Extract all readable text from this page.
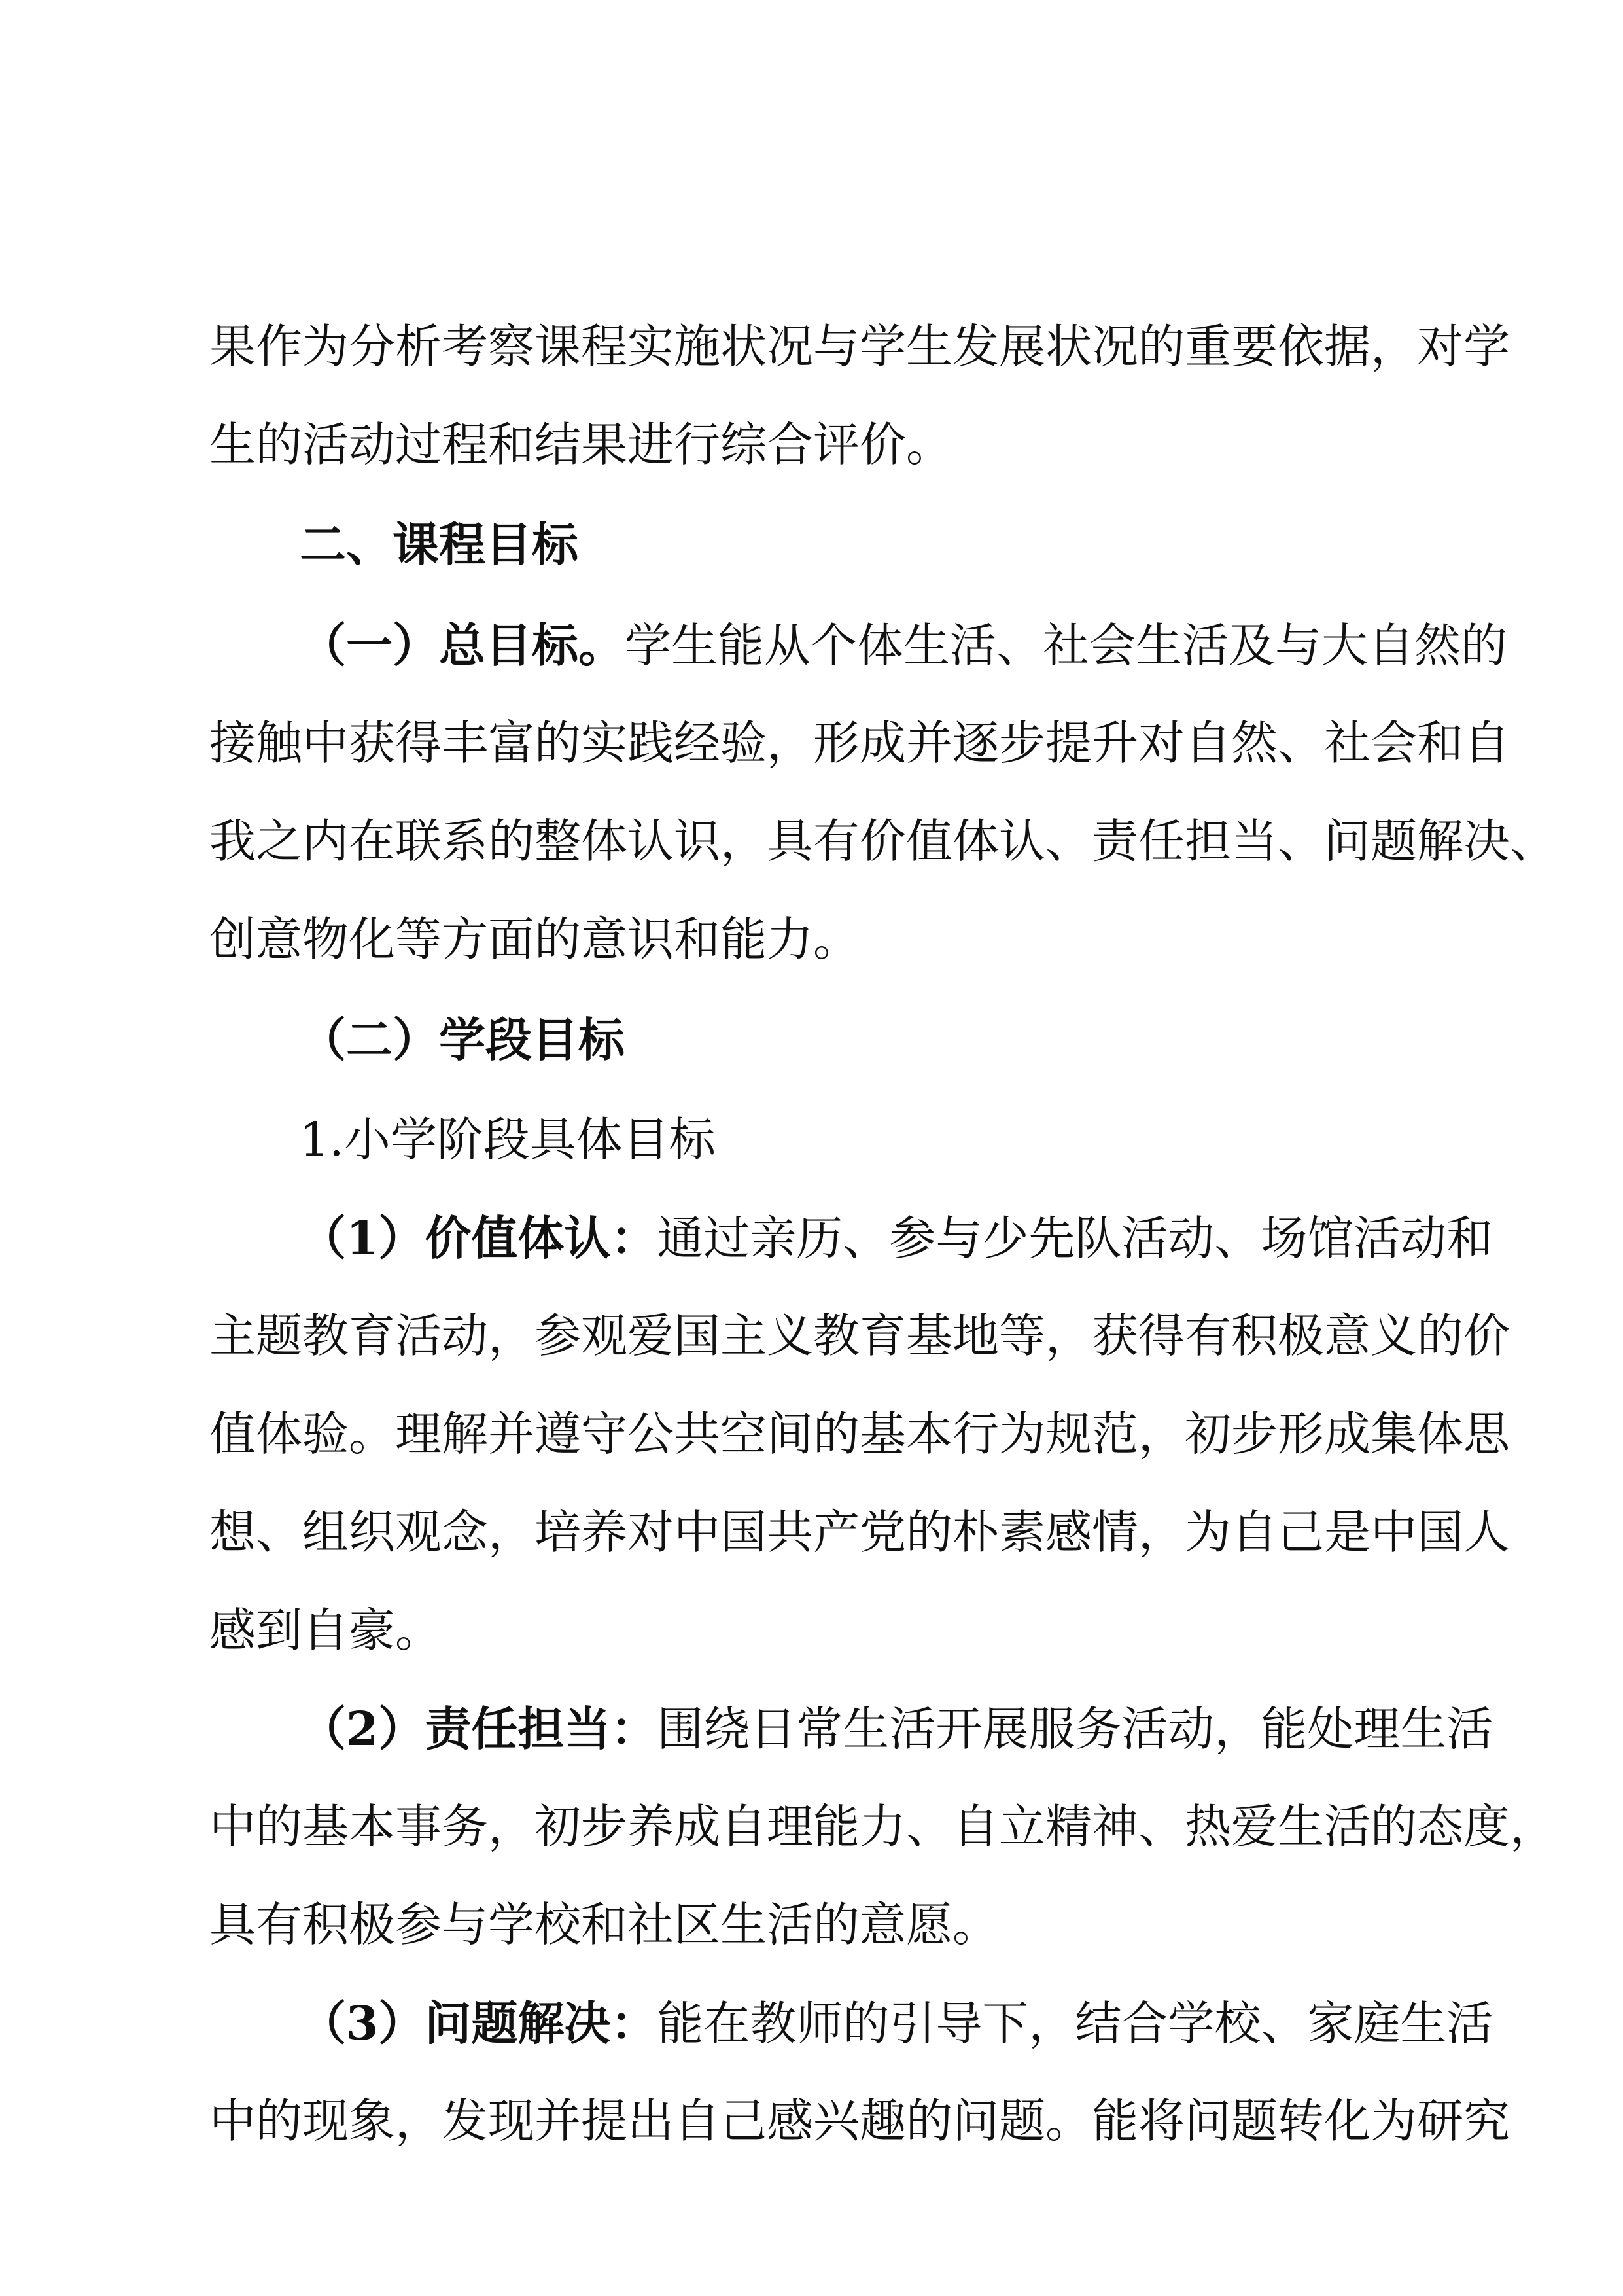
果作为分析考察课程实施状况与学生发展状况的重要依据，对学
生的活动过程和结果进行综合评价。
二、课程目标
（一）总目标。学生能从个体生活、社会生活及与大自然的
接触中获得丰富的实践经验，形成并逐步提升对自然、社会和自
我之内在联系的整体认识，具有价值体认、责任担当、问题解决、
创意物化等方面的意识和能力。
（二）学段目标
1.小学阶段具体目标
（1）价值体认：通过亲历、参与少先队活动、场馆活动和
主题教育活动，参观爱国主义教育基地等，获得有积极意义的价
值体验。理解并遵守公共空间的基本行为规范，初步形成集体思
想、组织观念，培养对中国共产党的朴素感情，为自己是中国人
感到自豪。
（2）责任担当：围绕日常生活开展服务活动，能处理生活
中的基本事务，初步养成自理能力、自立精神、热爱生活的态度，
具有积极参与学校和社区生活的意愿。
（3）问题解决：能在教师的引导下，结合学校、家庭生活
中的现象，发现并提出自己感兴趣的问题。能将问题转化为研究
